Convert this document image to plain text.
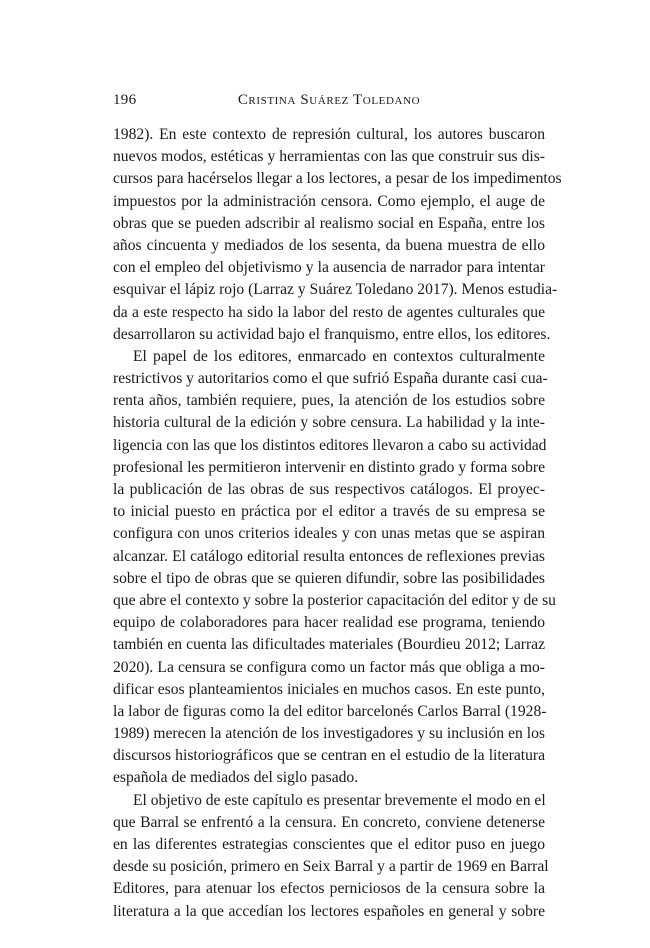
196	Cristina Suárez Toledano
1982). En este contexto de represión cultural, los autores buscaron
nuevos modos, estéticas y herramientas con las que construir sus dis-
cursos para hacérselos llegar a los lectores, a pesar de los impedimentos
impuestos por la administración censora. Como ejemplo, el auge de
obras que se pueden adscribir al realismo social en España, entre los
años cincuenta y mediados de los sesenta, da buena muestra de ello
con el empleo del objetivismo y la ausencia de narrador para intentar
esquivar el lápiz rojo (Larraz y Suárez Toledano 2017). Menos estudia-
da a este respecto ha sido la labor del resto de agentes culturales que
desarrollaron su actividad bajo el franquismo, entre ellos, los editores.
El papel de los editores, enmarcado en contextos culturalmente
restrictivos y autoritarios como el que sufrió España durante casi cua-
renta años, también requiere, pues, la atención de los estudios sobre
historia cultural de la edición y sobre censura. La habilidad y la inte-
ligencia con las que los distintos editores llevaron a cabo su actividad
profesional les permitieron intervenir en distinto grado y forma sobre
la publicación de las obras de sus respectivos catálogos. El proyec-
to inicial puesto en práctica por el editor a través de su empresa se
configura con unos criterios ideales y con unas metas que se aspiran
alcanzar. El catálogo editorial resulta entonces de reflexiones previas
sobre el tipo de obras que se quieren difundir, sobre las posibilidades
que abre el contexto y sobre la posterior capacitación del editor y de su
equipo de colaboradores para hacer realidad ese programa, teniendo
también en cuenta las dificultades materiales (Bourdieu 2012; Larraz
2020). La censura se configura como un factor más que obliga a mo-
dificar esos planteamientos iniciales en muchos casos. En este punto,
la labor de figuras como la del editor barcelonés Carlos Barral (1928-
1989) merecen la atención de los investigadores y su inclusión en los
discursos historiográficos que se centran en el estudio de la literatura
española de mediados del siglo pasado.
El objetivo de este capítulo es presentar brevemente el modo en el
que Barral se enfrentó a la censura. En concreto, conviene detenerse
en las diferentes estrategias conscientes que el editor puso en juego
desde su posición, primero en Seix Barral y a partir de 1969 en Barral
Editores, para atenuar los efectos perniciosos de la censura sobre la
literatura a la que accedían los lectores españoles en general y sobre
